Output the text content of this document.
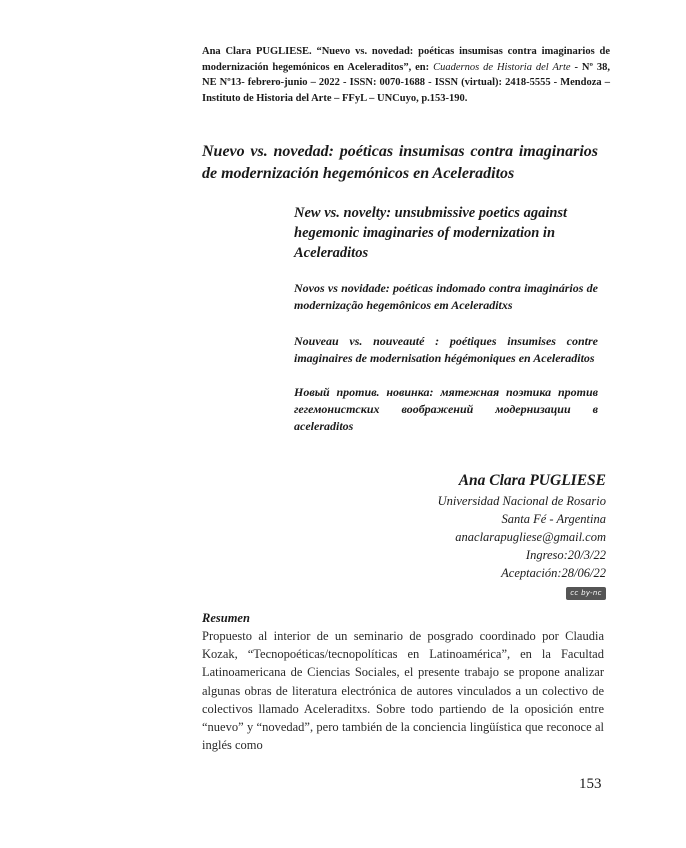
Ana Clara PUGLIESE. “Nuevo vs. novedad: poéticas insumisas contra imaginarios de modernización hegemónicos en Aceleraditos”, en: Cuadernos de Historia del Arte - Nº 38, NE Nº13- febrero-junio – 2022 - ISSN: 0070-1688 - ISSN (virtual): 2418-5555 - Mendoza – Instituto de Historia del Arte – FFyL – UNCuyo, p.153-190.
Nuevo vs. novedad: poéticas insumisas contra imaginarios de modernización hegemónicos en Aceleraditos
New vs. novelty: unsubmissive poetics against hegemonic imaginaries of modernization in Aceleraditos
Novos vs novidade: poéticas indomado contra imaginários de modernização hegemônicos em Aceleraditxs
Nouveau vs. nouveauté : poétiques insumises contre imaginaires de modernisation hégémoniques en Aceleraditos
Новый против. новинка: мятежная поэтика против гегемонистских воображений модернизации в aceleraditos
Ana Clara PUGLIESE
Universidad Nacional de Rosario
Santa Fé - Argentina
anaclarapugliese@gmail.com
Ingreso:20/3/22
Aceptación:28/06/22
cc by-nc
Resumen
Propuesto al interior de un seminario de posgrado coordinado por Claudia Kozak, “Tecnopoéticas/tecnopolíticas en Latinoamérica”, en la Facultad Latinoamericana de Ciencias Sociales, el presente trabajo se propone analizar algunas obras de literatura electrónica de autores vinculados a un colectivo de colectivos llamado Aceleraditxs. Sobre todo partiendo de la oposición entre “nuevo” y “novedad”, pero también de la conciencia lingüística que reconoce al inglés como
153
